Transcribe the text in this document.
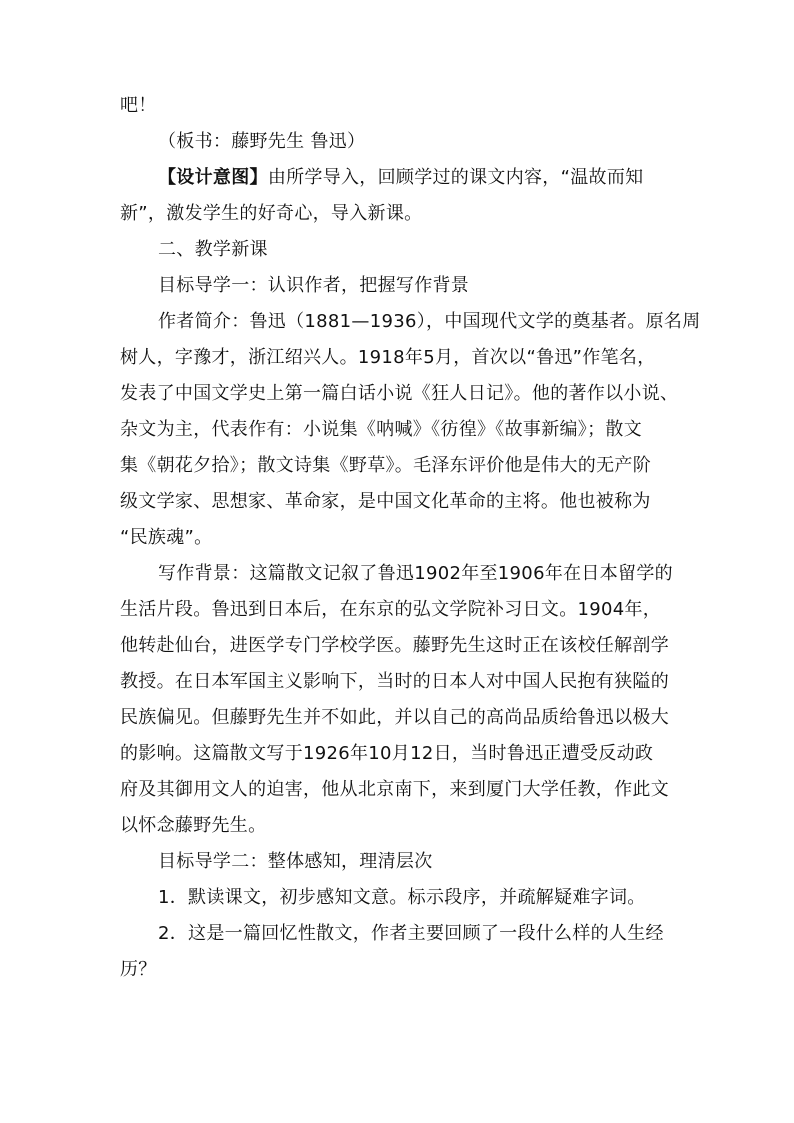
吧！
（板书：藤野先生 鲁迅）
【设计意图】由所学导入，回顾学过的课文内容，“温故而知
新”，激发学生的好奇心，导入新课。
二、教学新课
目标导学一：认识作者，把握写作背景
作者简介：鲁迅（1881—1936），中国现代文学的奠基者。原名周
树人，字豫才，浙江绍兴人。1918年5月，首次以“鲁迅”作笔名，
发表了中国文学史上第一篇白话小说《狂人日记》。他的著作以小说、
杂文为主，代表作有：小说集《呐喊》《彷徨》《故事新编》；散文
集《朝花夕拾》；散文诗集《野草》。毛泽东评价他是伟大的无产阶
级文学家、思想家、革命家，是中国文化革命的主将。他也被称为
“民族魂”。
写作背景：这篇散文记叙了鲁迅1902年至1906年在日本留学的
生活片段。鲁迅到日本后，在东京的弘文学院补习日文。1904年，
他转赴仙台，进医学专门学校学医。藤野先生这时正在该校任解剖学
教授。在日本军国主义影响下，当时的日本人对中国人民抱有狭隘的
民族偏见。但藤野先生并不如此，并以自己的高尚品质给鲁迅以极大
的影响。这篇散文写于1926年10月12日，当时鲁迅正遭受反动政
府及其御用文人的迫害，他从北京南下，来到厦门大学任教，作此文
以怀念藤野先生。
目标导学二：整体感知，理清层次
1．默读课文，初步感知文意。标示段序，并疏解疑难字词。
2．这是一篇回忆性散文，作者主要回顾了一段什么样的人生经
历？
